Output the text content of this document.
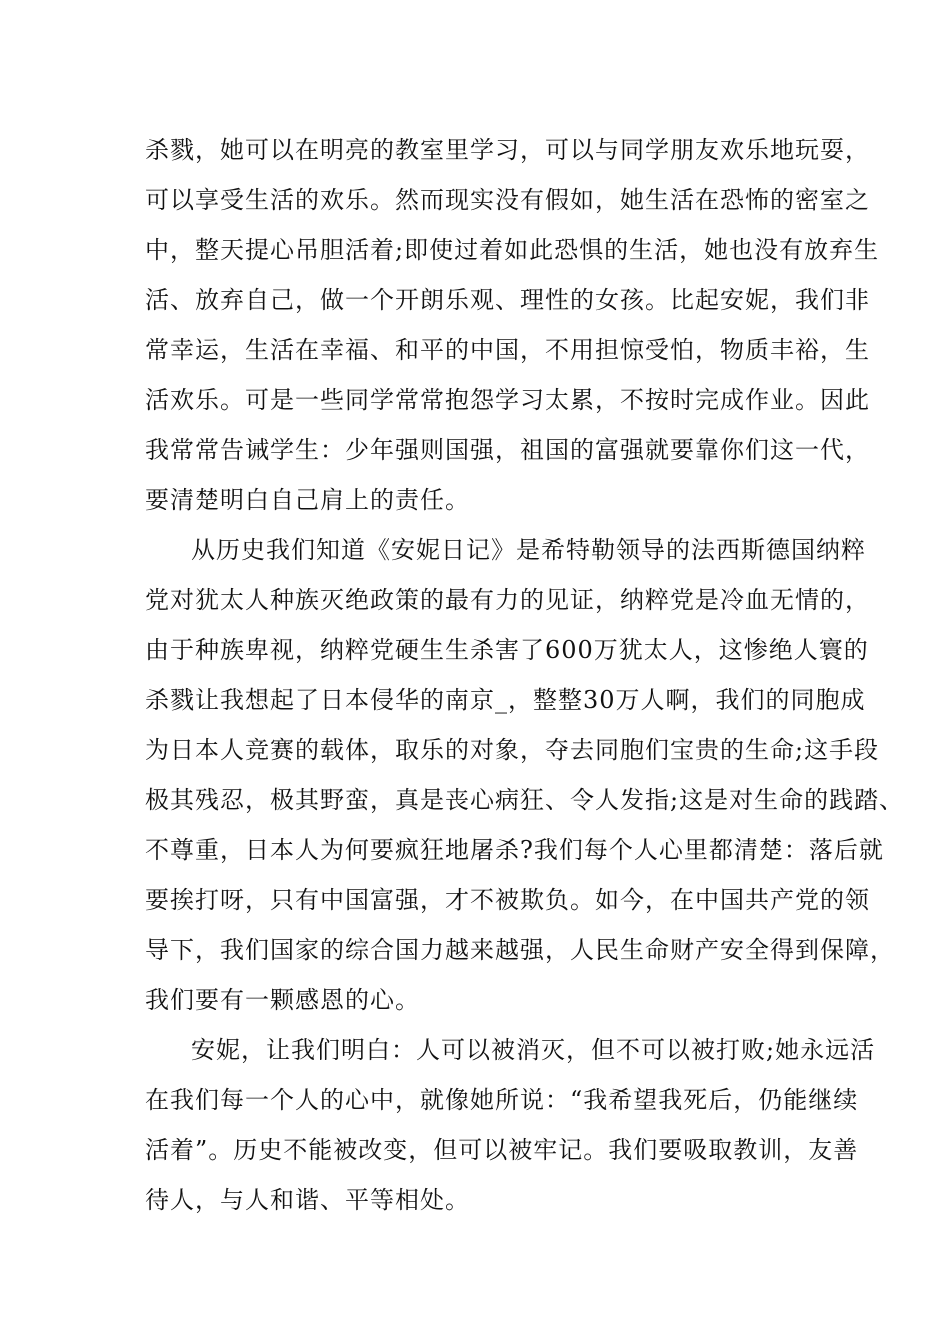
杀戮，她可以在明亮的教室里学习，可以与同学朋友欢乐地玩耍，
可以享受生活的欢乐。然而现实没有假如，她生活在恐怖的密室之
中，整天提心吊胆活着;即使过着如此恐惧的生活，她也没有放弃生
活、放弃自己，做一个开朗乐观、理性的女孩。比起安妮，我们非
常幸运，生活在幸福、和平的中国，不用担惊受怕，物质丰裕，生
活欢乐。可是一些同学常常抱怨学习太累，不按时完成作业。因此
我常常告诫学生：少年强则国强，祖国的富强就要靠你们这一代，
要清楚明白自己肩上的责任。
从历史我们知道《安妮日记》是希特勒领导的法西斯德国纳粹
党对犹太人种族灭绝政策的最有力的见证，纳粹党是冷血无情的，
由于种族卑视，纳粹党硬生生杀害了600万犹太人，这惨绝人寰的
杀戮让我想起了日本侵华的南京_，整整30万人啊，我们的同胞成
为日本人竞赛的载体，取乐的对象，夺去同胞们宝贵的生命;这手段
极其残忍，极其野蛮，真是丧心病狂、令人发指;这是对生命的践踏、
不尊重，日本人为何要疯狂地屠杀?我们每个人心里都清楚：落后就
要挨打呀，只有中国富强，才不被欺负。如今，在中国共产党的领
导下，我们国家的综合国力越来越强，人民生命财产安全得到保障，
我们要有一颗感恩的心。
安妮，让我们明白：人可以被消灭，但不可以被打败;她永远活
在我们每一个人的心中，就像她所说：“我希望我死后，仍能继续
活着”。历史不能被改变，但可以被牢记。我们要吸取教训，友善
待人，与人和谐、平等相处。
